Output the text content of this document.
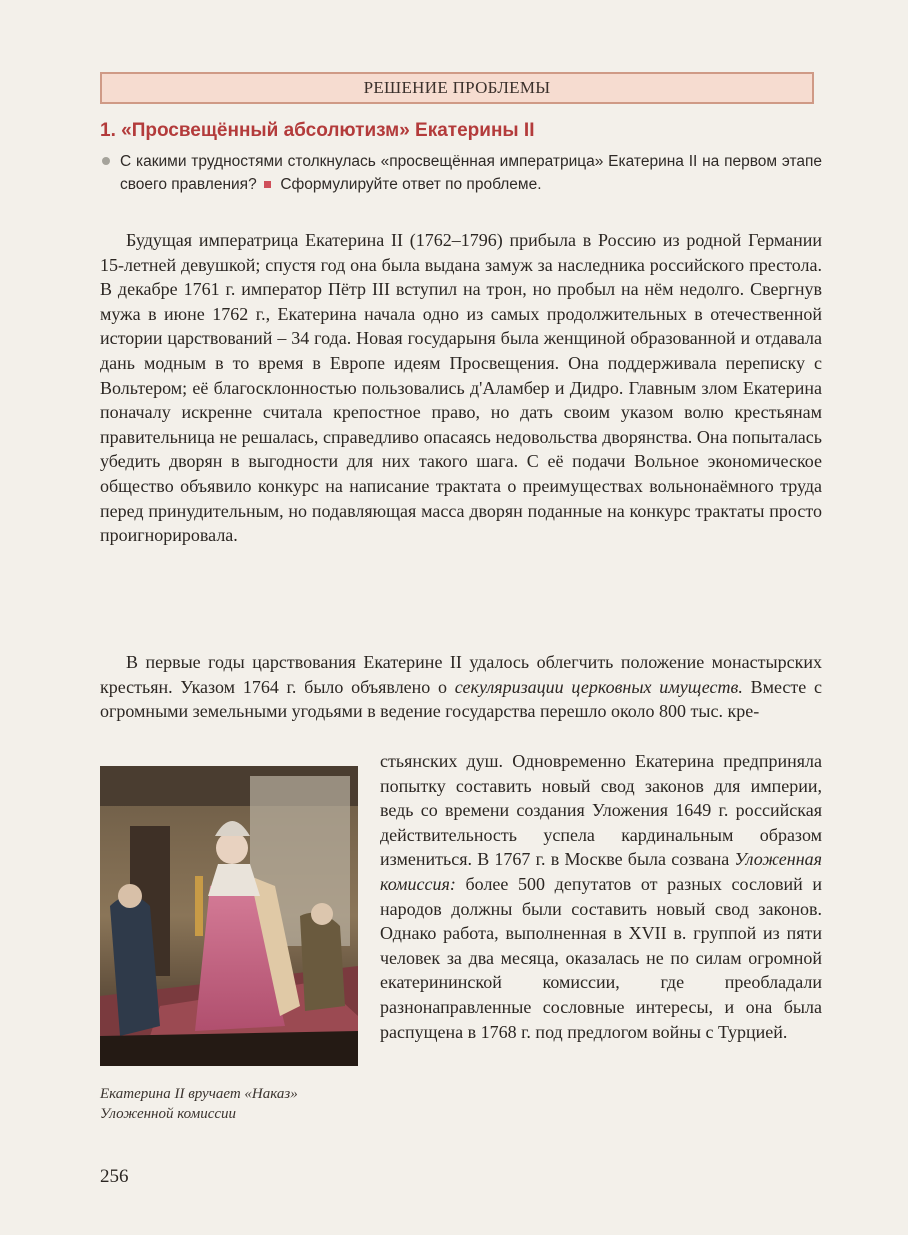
РЕШЕНИЕ ПРОБЛЕМЫ
1. «Просвещённый абсолютизм» Екатерины II
С какими трудностями столкнулась «просвещённая императрица» Екатерина II на первом этапе своего правления? Сформулируйте ответ по проблеме.

Будущая императрица Екатерина II (1762–1796) прибыла в Россию из родной Германии 15-летней девушкой; спустя год она была выдана замуж за наследника российского престола. В декабре 1761 г. император Пётр III вступил на трон, но пробыл на нём недолго. Свергнув мужа в июне 1762 г., Екатерина начала одно из самых продолжительных в отечественной истории царствований – 34 года. Новая государыня была женщиной образованной и отдавала дань модным в то время в Европе идеям Просвещения. Она поддерживала переписку с Вольтером; её благосклонностью пользовались д'Аламбер и Дидро. Главным злом Екатерина поначалу искренне считала крепостное право, но дать своим указом волю крестьянам правительница не решалась, справедливо опасаясь недовольства дворянства. Она попыталась убедить дворян в выгодности для них такого шага. С её подачи Вольное экономическое общество объявило конкурс на написание трактата о преимуществах вольнонаёмного труда перед принудительным, но подавляющая масса дворян поданные на конкурс трактаты просто проигнорировала.

В первые годы царствования Екатерине II удалось облегчить положение монастырских крестьян. Указом 1764 г. было объявлено о секуляризации церковных имуществ. Вместе с огромными земельными угодьями в ведение государства перешло около 800 тыс. кре-

Екатерина II вручает «Наказ» Уложенной комиссии

стьянских душ. Одновременно Екатерина предприняла попытку составить новый свод законов для империи, ведь со времени создания Уложения 1649 г. российская действительность успела кардинальным образом измениться. В 1767 г. в Москве была созвана Уложенная комиссия: более 500 депутатов от разных сословий и народов должны были составить новый свод законов. Однако работа, выполненная в XVII в. группой из пяти человек за два месяца, оказалась не по силам огромной екатерининской комиссии, где преобладали разнонаправленные сословные интересы, и она была распущена в 1768 г. под предлогом войны с Турцией.

256
